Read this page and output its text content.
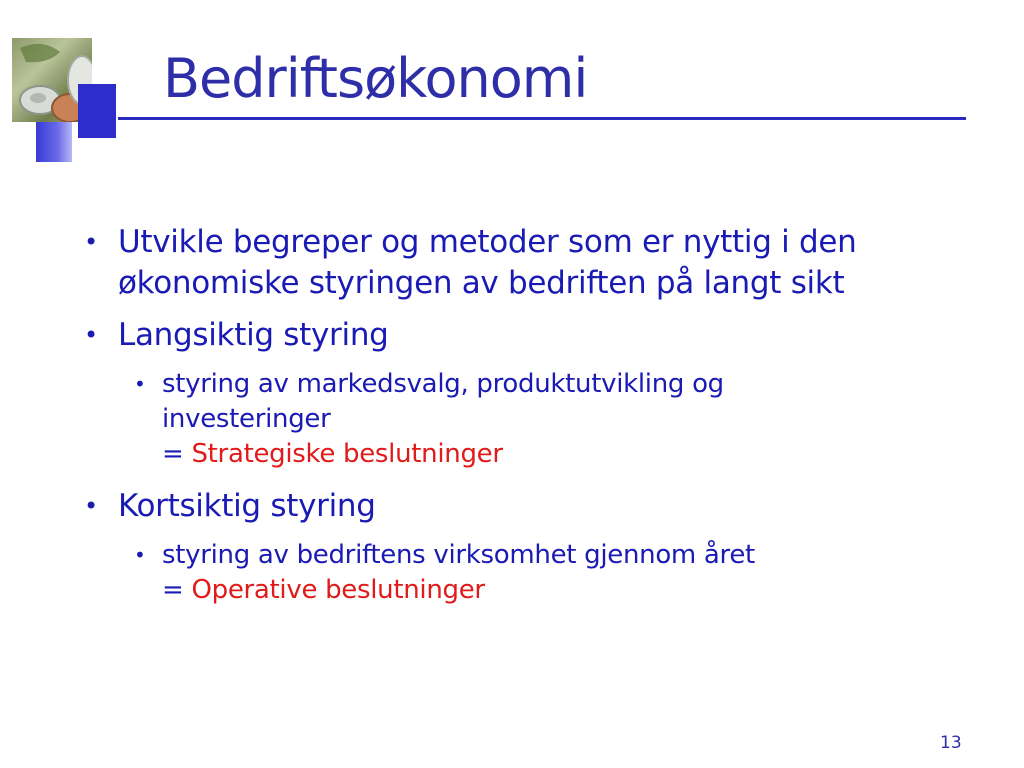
Bedriftsøkonomi
• Utvikle begreper og metoder som er nyttig i den
økonomiske styringen av bedriften på langt sikt
• Langsiktig styring
• styring av markedsvalg, produktutvikling og
investeringer
= Strategiske beslutninger
• Kortsiktig styring
• styring av bedriftens virksomhet gjennom året
= Operative beslutninger
13
